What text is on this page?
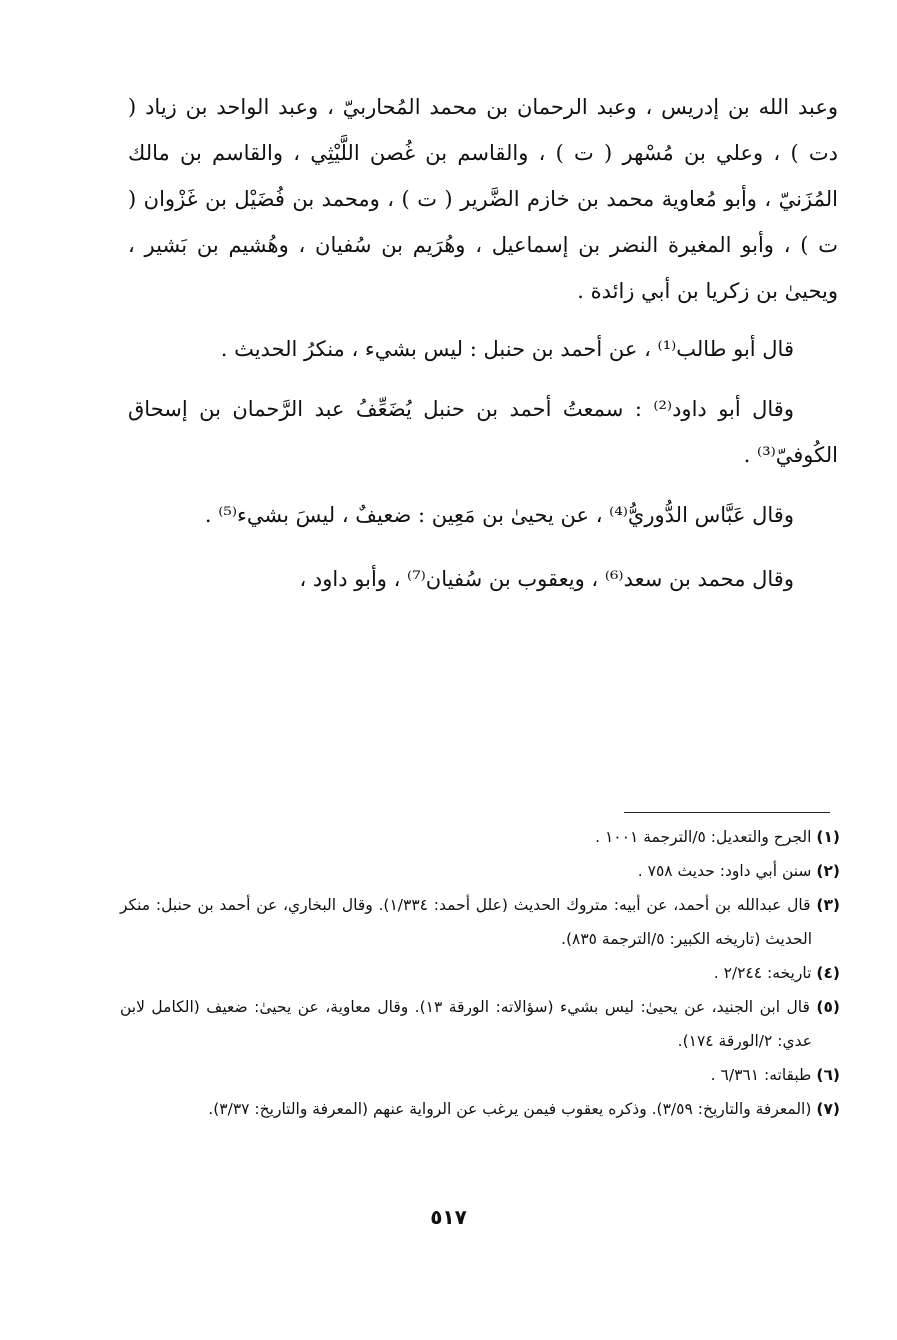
وعبد الله بن إدريس ، وعبد الرحمان بن محمد المُحاربيّ ، وعبد الواحد بن زياد ( دت ) ، وعلي بن مُسْهر ( ت ) ، والقاسم بن غُصن اللَّيْثِي ، والقاسم بن مالك المُزَنيّ ، وأبو مُعاوية محمد بن خازم الضَّرير ( ت ) ، ومحمد بن فُضَيْل بن غَزْوان ( ت ) ، وأبو المغيرة النضر بن إسماعيل ، وهُرَيم بن سُفيان ، وهُشيم بن بَشير ، ويحيىٰ بن زكريا بن أبي زائدة .

قال أبو طالب⁽¹⁾ ، عن أحمد بن حنبل : ليس بشيء ، منكرُ الحديث .

وقال أبو داود⁽²⁾ : سمعتُ أحمد بن حنبل يُضَعِّفُ عبد الرَّحمان بن إسحاق الكُوفيّ⁽³⁾ .

وقال عَبَّاس الدُّوريُّ⁽⁴⁾ ، عن يحيىٰ بن مَعِين : ضعيفٌ ، ليسَ بشيء⁽⁵⁾ .

وقال محمد بن سعد⁽⁶⁾ ، ويعقوب بن سُفيان⁽⁷⁾ ، وأبو داود ،

(١) الجرح والتعديل: ٥/الترجمة ١٠٠١ .

(٢) سنن أبي داود: حديث ٧٥٨ .

(٣) قال عبدالله بن أحمد، عن أبيه: متروك الحديث (علل أحمد: ١/٣٣٤). وقال البخاري، عن أحمد بن حنبل: منكر الحديث (تاريخه الكبير: ٥/الترجمة ٨٣٥).

(٤) تاريخه: ٢/٢٤٤ .

(٥) قال ابن الجنيد، عن يحيىٰ: ليس بشيء (سؤالاته: الورقة ١٣). وقال معاوية، عن يحيىٰ: ضعيف (الكامل لابن عدي: ٢/الورقة ١٧٤).

(٦) طبقاته: ٦/٣٦١ .

(٧) (المعرفة والتاريخ: ٣/٥٩). وذكره يعقوب فيمن يرغب عن الرواية عنهم (المعرفة والتاريخ: ٣/٣٧).

٥١٧
